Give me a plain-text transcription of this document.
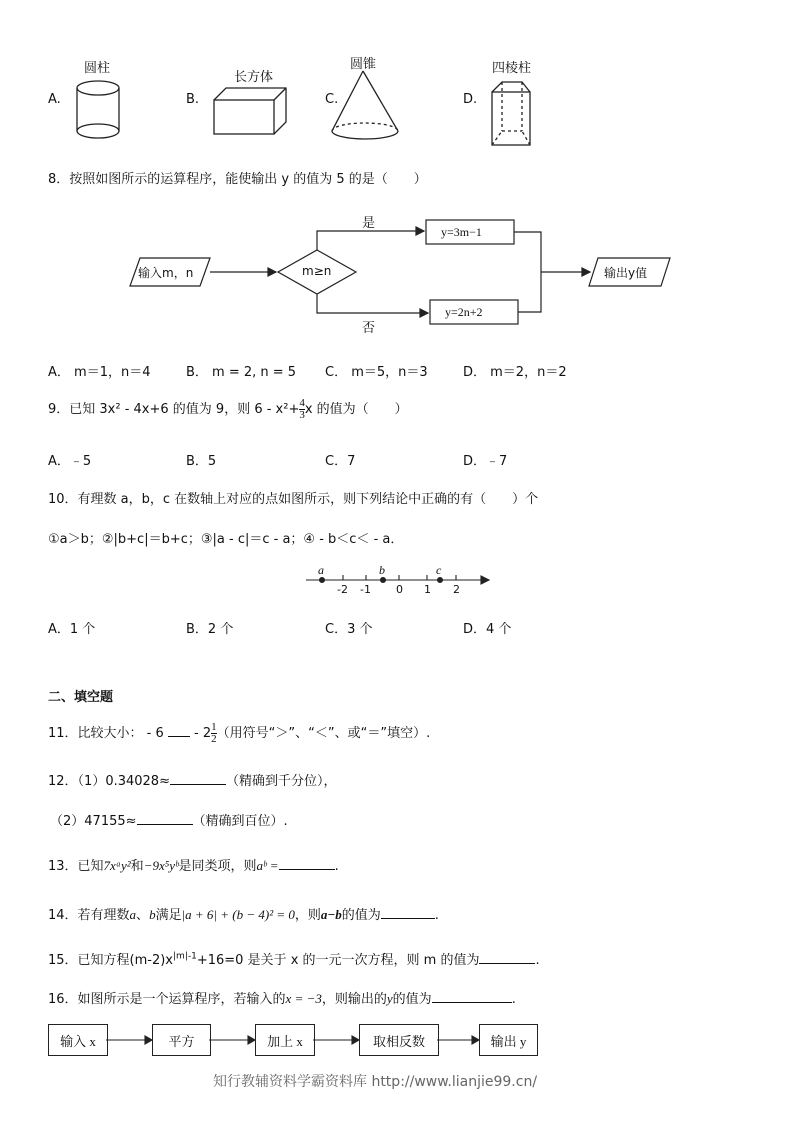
A.
圆柱
B.
长方体
C.
圆锥
D.
四棱柱
8．按照如图所示的运算程序，能使输出 y 的值为 5 的是（　　）
输入m，n	m≥n
是
否
y=3m−1
y=2n+2
输出y值
A． m＝1，n＝4	B． m = 2, n = 5 C． m＝5，n＝3	D． m＝2，n＝2
9．已知 3x² - 4x+6 的值为 9，则 $6 - x^2+ \frac{4}{3}$ x 的值为（　　）
A．﹣5	B．5	C．7	D．﹣7
10．有理数 a，b，c 在数轴上对应的点如图所示，则下列结论中正确的有（　　）个
①a＞b；②|b+c|＝b+c；③|a - c|＝c - a；④ - b＜c＜ - a．
a	b	c
-2 -1 0 1 2
A．1 个	B．2 个	C．3 个	D．4 个
二、填空题
11．比较大小： - $6 - 2 \frac{1}{2}$ （用符号“＞”、“＜”、或“＝”填空）.
12．（1）0.34028≈	（精确到千分位），
（2）47155≈	（精确到百位）.
13．已知7xᵃy²和−9x⁵yᵇ是同类项，则aᵇ =	.
14．若有理数a、b满足|a + 6| + (b − 4)² = 0，则a−b的值为	.
15．已知方程$(m-2)x^{|m|-1}+16=0$ 是关于 x 的一元一次方程，则 m 的值为	.
16．如图所示是一个运算程序，若输入的x = −3，则输出的y的值为	.
输入 x	平方	加上 x	取相反数	输出 y
知行教辅资料学霸资料库 http://www.lianjie99.cn/
